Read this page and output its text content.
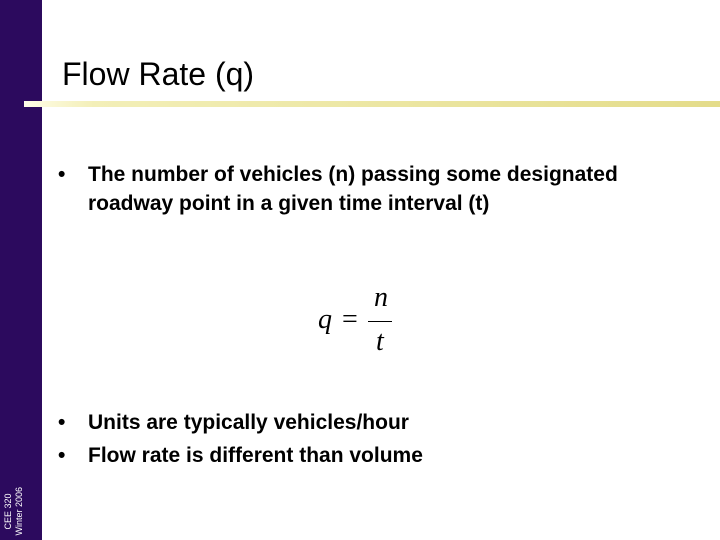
CEE 320 Winter 2006
Flow Rate (q)
• The number of vehicles (n) passing some designated roadway point in a given time interval (t)
q =
n
t
• Units are typically vehicles/hour
• Flow rate is different than volume
